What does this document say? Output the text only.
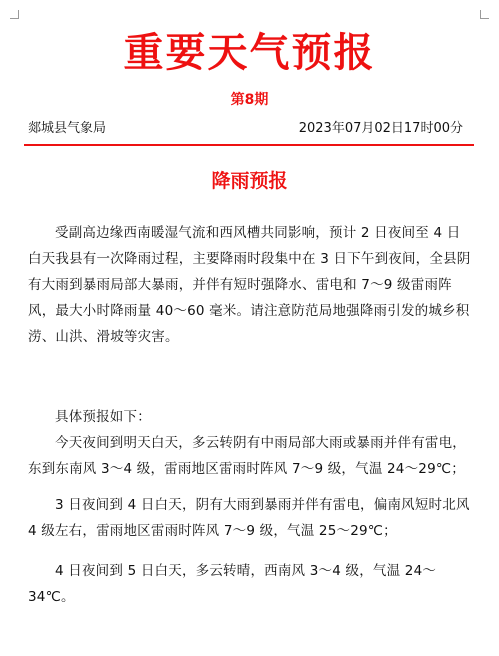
重要天气预报
第8期
郯城县气象局	2023年07月02日17时00分
降雨预报
受副高边缘西南暖湿气流和西风槽共同影响，预计 2 日夜间至 4 日白天我县有一次降雨过程，主要降雨时段集中在 3 日下午到夜间，全县阴有大雨到暴雨局部大暴雨，并伴有短时强降水、雷电和 7～9 级雷雨阵风，最大小时降雨量 40～60 毫米。请注意防范局地强降雨引发的城乡积涝、山洪、滑坡等灾害。
具体预报如下：
今天夜间到明天白天，多云转阴有中雨局部大雨或暴雨并伴有雷电，东到东南风 3～4 级，雷雨地区雷雨时阵风 7～9 级，气温 24～29℃；
3 日夜间到 4 日白天，阴有大雨到暴雨并伴有雷电，偏南风短时北风 4 级左右，雷雨地区雷雨时阵风 7～9 级，气温 25～29℃；
4 日夜间到 5 日白天，多云转晴，西南风 3～4 级，气温 24～34℃。
